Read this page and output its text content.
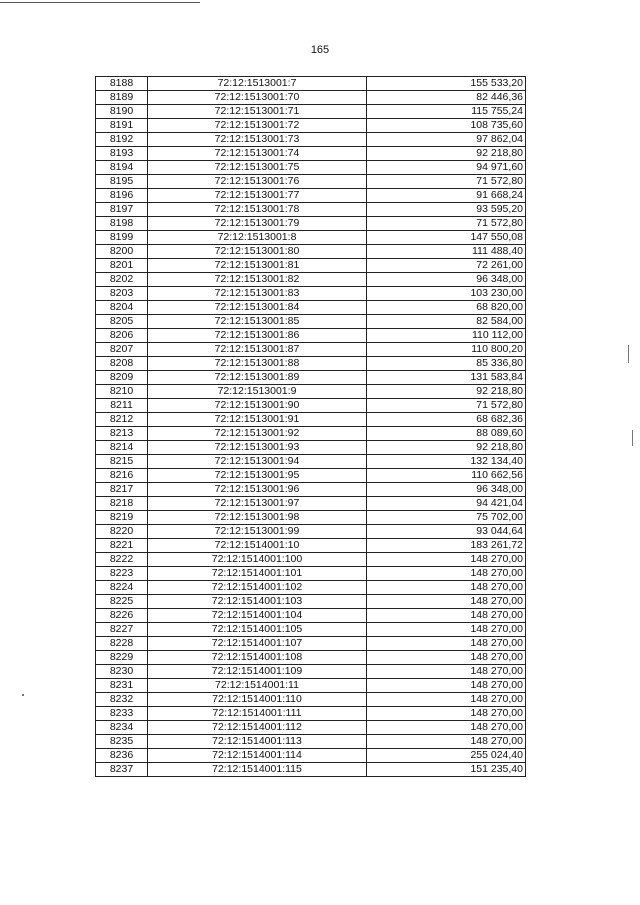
165
8188	72:12:1513001:7	155 533,20
8189	72:12:1513001:70	82 446,36
8190	72:12:1513001:71	115 755,24
8191	72:12:1513001:72	108 735,60
8192	72:12:1513001:73	97 862,04
8193	72:12:1513001:74	92 218,80
8194	72:12:1513001:75	94 971,60
8195	72:12:1513001:76	71 572,80
8196	72:12:1513001:77	91 668,24
8197	72:12:1513001:78	93 595,20
8198	72:12:1513001:79	71 572,80
8199	72:12:1513001:8	147 550,08
8200	72:12:1513001:80	111 488,40
8201	72:12:1513001:81	72 261,00
8202	72:12:1513001:82	96 348,00
8203	72:12:1513001:83	103 230,00
8204	72:12:1513001:84	68 820,00
8205	72:12:1513001:85	82 584,00
8206	72:12:1513001:86	110 112,00
8207	72:12:1513001:87	110 800,20
8208	72:12:1513001:88	85 336,80
8209	72:12:1513001:89	131 583,84
8210	72:12:1513001:9	92 218,80
8211	72:12:1513001:90	71 572,80
8212	72:12:1513001:91	68 682,36
8213	72:12:1513001:92	88 089,60
8214	72:12:1513001:93	92 218,80
8215	72:12:1513001:94	132 134,40
8216	72:12:1513001:95	110 662,56
8217	72:12:1513001:96	96 348,00
8218	72:12:1513001:97	94 421,04
8219	72:12:1513001:98	75 702,00
8220	72:12:1513001:99	93 044,64
8221	72:12:1514001:10	183 261,72
8222	72:12:1514001:100	148 270,00
8223	72:12:1514001:101	148 270,00
8224	72:12:1514001:102	148 270,00
8225	72:12:1514001:103	148 270,00
8226	72:12:1514001:104	148 270,00
8227	72:12:1514001:105	148 270,00
8228	72:12:1514001:107	148 270,00
8229	72:12:1514001:108	148 270,00
8230	72:12:1514001:109	148 270,00
8231	72:12:1514001:11	148 270,00
8232	72:12:1514001:110	148 270,00
8233	72:12:1514001:111	148 270,00
8234	72:12:1514001:112	148 270,00
8235	72:12:1514001:113	148 270,00
8236	72:12:1514001:114	255 024,40
8237	72:12:1514001:115	151 235,40
